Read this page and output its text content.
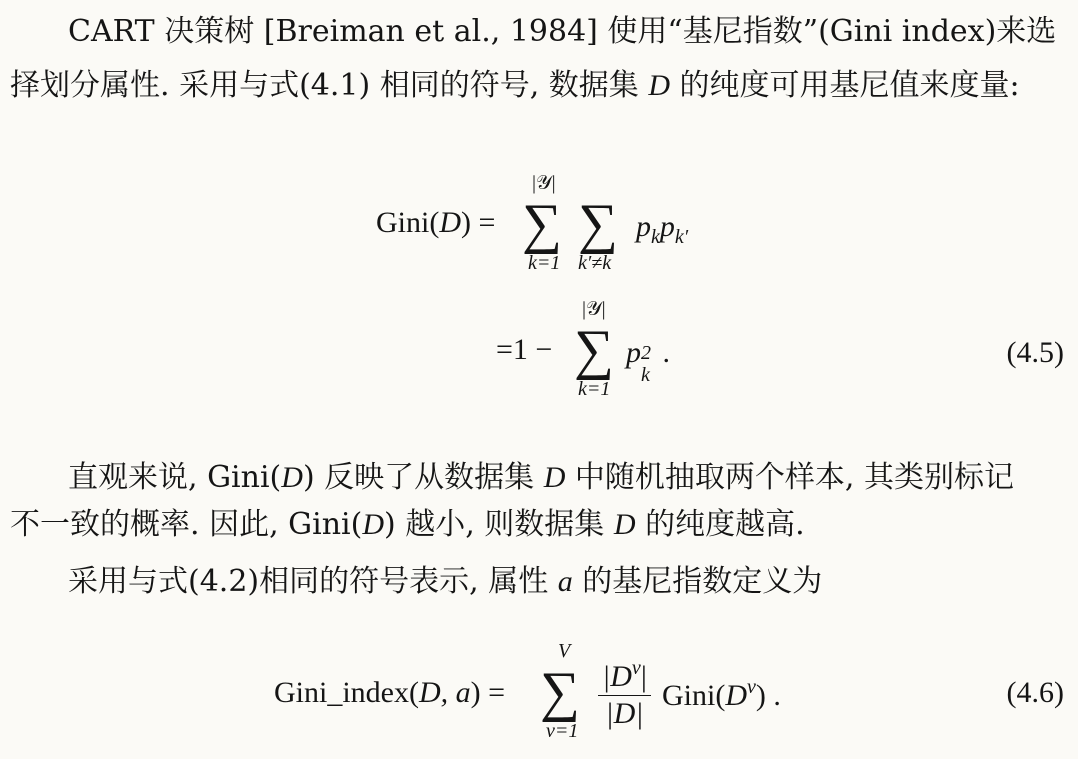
CART 决策树 [Breiman et al., 1984] 使用“基尼指数”(Gini index)来选
择划分属性. 采用与式(4.1) 相同的符号, 数据集 D 的纯度可用基尼值来度量:
Gini(D) =
|𝒴|
∑
k=1
∑
k′≠k
$p_kp_{k'}$
=1 −
|𝒴|
∑
k=1
p 2
k
.	(4.5)
直观来说, Gini(D) 反映了从数据集 D 中随机抽取两个样本, 其类别标记
不一致的概率. 因此, Gini(D) 越小, 则数据集 D 的纯度越高.
采用与式(4.2)相同的符号表示, 属性 a 的基尼指数定义为
Gini_index(D, a) =
V
∑
$v=1 \frac{|D^v|}{|D|}$ $Gini(D^v)$ .	(4.6)
